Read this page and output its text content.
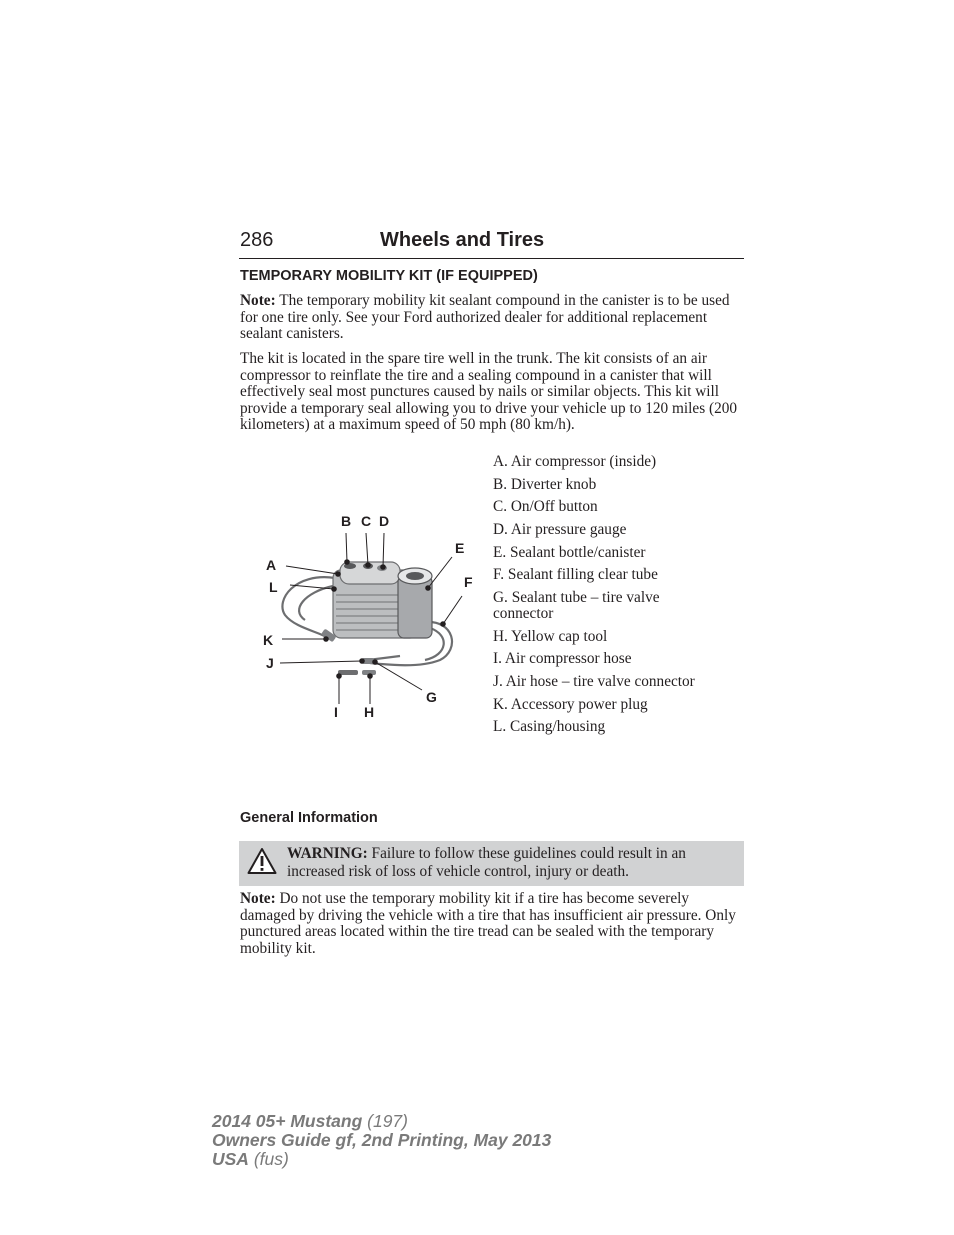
286	Wheels and Tires
TEMPORARY MOBILITY KIT (IF EQUIPPED)

Note: The temporary mobility kit sealant compound in the canister is to be used for one tire only. See your Ford authorized dealer for additional replacement sealant canisters.

The kit is located in the spare tire well in the trunk. The kit consists of an air compressor to reinflate the tire and a sealing compound in a canister that will effectively seal most punctures caused by nails or similar objects. This kit will provide a temporary seal allowing you to drive your vehicle up to 120 miles (200 kilometers) at a maximum speed of 50 mph (80 km/h).

B C D
A
E
L	F
K
J
G
I H
A. Air compressor (inside)
B. Diverter knob
C. On/Off button
D. Air pressure gauge
E. Sealant bottle/canister
F. Sealant filling clear tube
G. Sealant tube – tire valve connector
H. Yellow cap tool
I. Air compressor hose
J. Air hose – tire valve connector
K. Accessory power plug
L. Casing/housing
General Information

WARNING: Failure to follow these guidelines could result in an increased risk of loss of vehicle control, injury or death.

Note: Do not use the temporary mobility kit if a tire has become severely damaged by driving the vehicle with a tire that has insufficient air pressure. Only punctured areas located within the tire tread can be sealed with the temporary mobility kit.

2014 05+ Mustang (197)
Owners Guide gf, 2nd Printing, May 2013
USA (fus)
